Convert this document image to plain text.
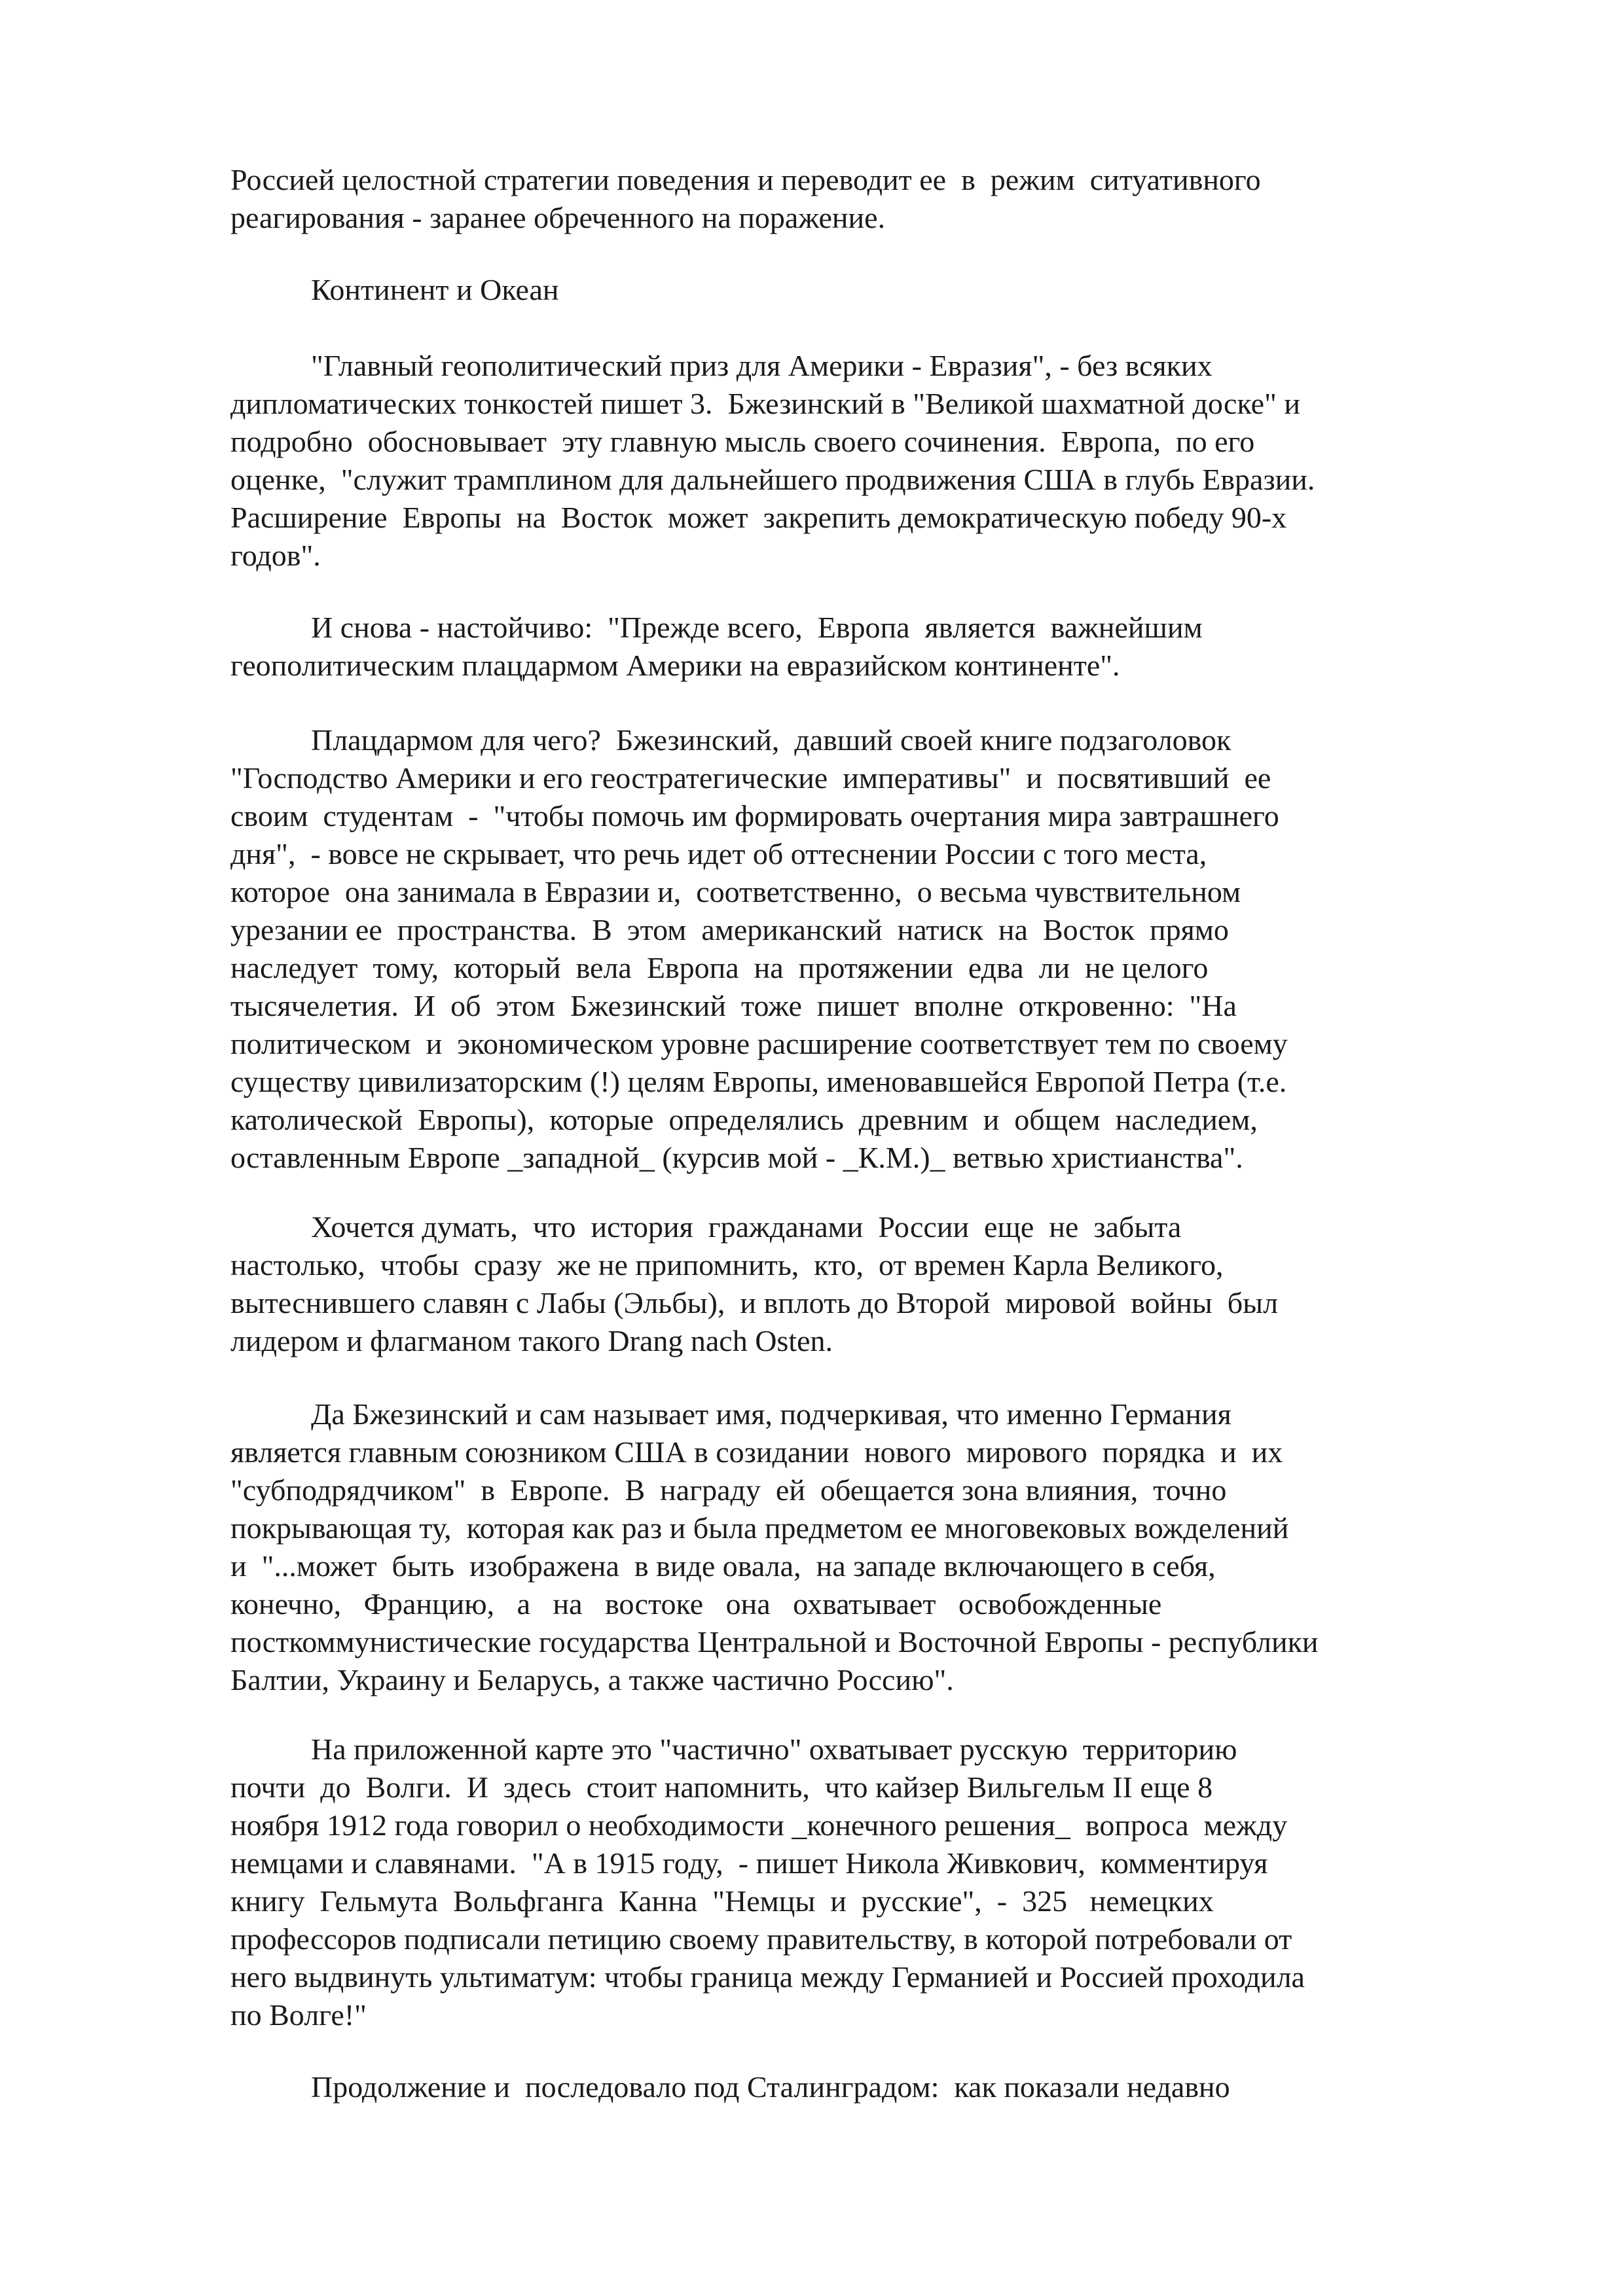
Россией целостной стратегии поведения и переводит ее  в  режим  ситуативного
реагирования - заранее обреченного на поражение.
Континент и Океан
"Главный геополитический приз для Америки - Евразия", - без всяких
дипломатических тонкостей пишет 3.  Бжезинский в "Великой шахматной доске" и
подробно  обосновывает  эту главную мысль своего сочинения.  Европа,  по его
оценке,  "служит трамплином для дальнейшего продвижения США в глубь Евразии.
Расширение  Европы  на  Восток  может  закрепить демократическую победу 90-х
годов".
И снова - настойчиво:  "Прежде всего,  Европа  является  важнейшим
геополитическим плацдармом Америки на евразийском континенте".
Плацдармом для чего?  Бжезинский,  давший своей книге подзаголовок
"Господство Америки и его геостратегические  императивы"  и  посвятивший  ее
своим  студентам  -  "чтобы помочь им формировать очертания мира завтрашнего
дня",  - вовсе не скрывает, что речь идет об оттеснении России с того места,
которое  она занимала в Евразии и,  соответственно,  о весьма чувствительном
урезании ее  пространства.  В  этом  американский  натиск  на  Восток  прямо
наследует  тому,  который  вела  Европа  на  протяжении  едва  ли  не целого
тысячелетия.  И  об  этом  Бжезинский  тоже  пишет  вполне  откровенно:  "На
политическом  и  экономическом уровне расширение соответствует тем по своему
существу цивилизаторским (!) целям Европы, именовавшейся Европой Петра (т.е.
католической  Европы),  которые  определялись  древним  и  общем  наследием,
оставленным Европе _западной_ (курсив мой - _К.М.)_ ветвью христианства".
Хочется думать,  что  история  гражданами  России  еще  не  забыта
настолько,  чтобы  сразу  же не припомнить,  кто,  от времен Карла Великого,
вытеснившего славян с Лабы (Эльбы),  и вплоть до Второй  мировой  войны  был
лидером и флагманом такого Drang nach Osten.
Да Бжезинский и сам называет имя, подчеркивая, что именно Германия
является главным союзником США в созидании  нового  мирового  порядка  и  их
"субподрядчиком"  в  Европе.  В  награду  ей  обещается зона влияния,  точно
покрывающая ту,  которая как раз и была предметом ее многовековых вожделений
и  "...может  быть  изображена  в виде овала,  на западе включающего в себя,
конечно,   Францию,   а   на   востоке   она   охватывает   освобожденные
посткоммунистические государства Центральной и Восточной Европы - республики
Балтии, Украину и Беларусь, а также частично Россию".
На приложенной карте это "частично" охватывает русскую  территорию
почти  до  Волги.  И  здесь  стоит напомнить,  что кайзер Вильгельм II еще 8
ноября 1912 года говорил о необходимости _конечного решения_  вопроса  между
немцами и славянами.  "А в 1915 году,  - пишет Никола Живкович,  комментируя
книгу  Гельмута  Вольфганга  Канна  "Немцы  и  русские",  -  325   немецких
профессоров подписали петицию своему правительству, в которой потребовали от
него выдвинуть ультиматум: чтобы граница между Германией и Россией проходила
по Волге!"
Продолжение и  последовало под Сталинградом:  как показали недавно
